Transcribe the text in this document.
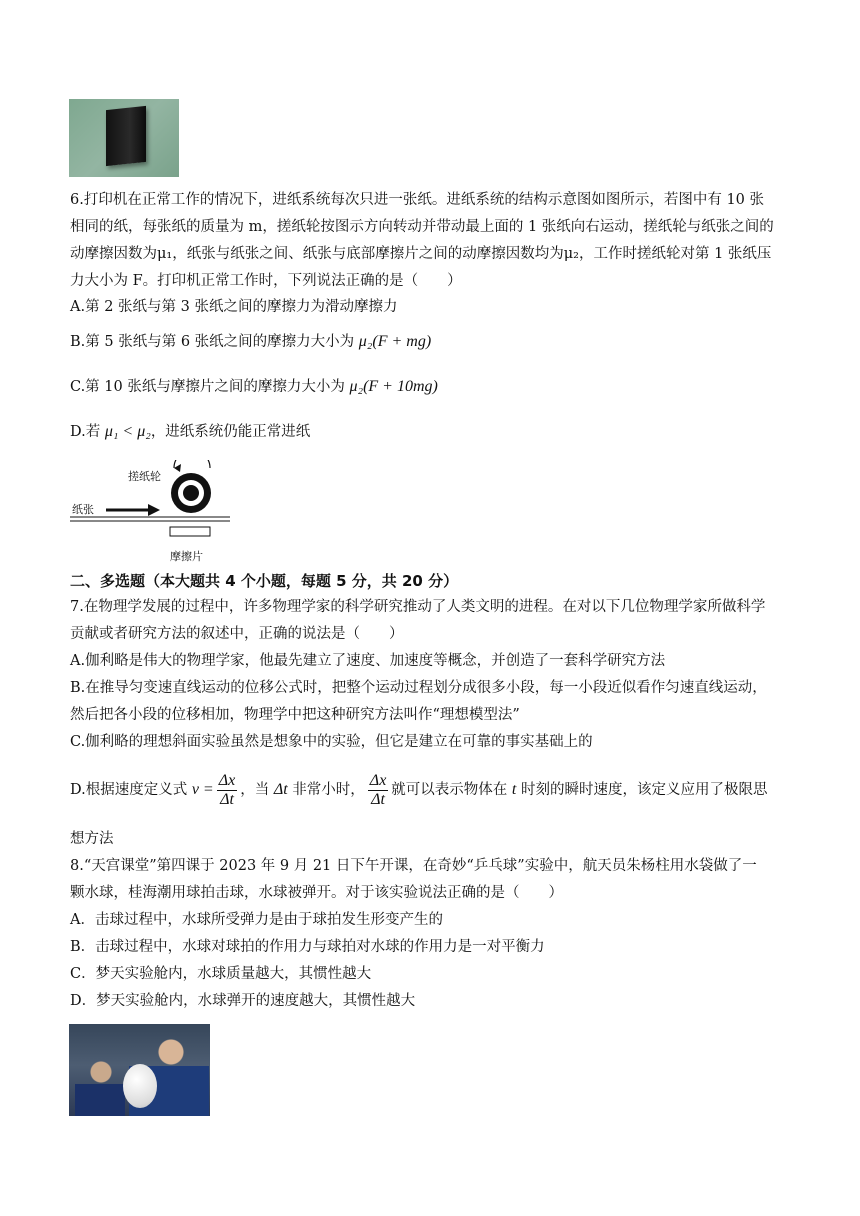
6.打印机在正常工作的情况下，进纸系统每次只进一张纸。进纸系统的结构示意图如图所示，若图中有 10 张
相同的纸，每张纸的质量为 m，搓纸轮按图示方向转动并带动最上面的 1 张纸向右运动，搓纸轮与纸张之间的
动摩擦因数为μ₁，纸张与纸张之间、纸张与底部摩擦片之间的动摩擦因数均为μ₂，工作时搓纸轮对第 1 张纸压
力大小为 F。打印机正常工作时，下列说法正确的是（　　）
A.第 2 张纸与第 3 张纸之间的摩擦力为滑动摩擦力
B.第 5 张纸与第 6 张纸之间的摩擦力大小为 μ₂(F + mg)
C.第 10 张纸与摩擦片之间的摩擦力大小为 μ₂(F + 10mg)
D.若 μ₁ < μ₂，进纸系统仍能正常进纸
搓纸轮
纸张
摩擦片
二、多选题（本大题共 4 个小题，每题 5 分，共 20 分）
7.在物理学发展的过程中，许多物理学家的科学研究推动了人类文明的进程。在对以下几位物理学家所做科学
贡献或者研究方法的叙述中，正确的说法是（　　）
A.伽利略是伟大的物理学家，他最先建立了速度、加速度等概念，并创造了一套科学研究方法
B.在推导匀变速直线运动的位移公式时，把整个运动过程划分成很多小段，每一小段近似看作匀速直线运动，
然后把各小段的位移相加，物理学中把这种研究方法叫作“理想模型法”
C.伽利略的理想斜面实验虽然是想象中的实验，但它是建立在可靠的事实基础上的
D.根据速度定义式 $v = \frac{\Delta x}{\Delta t}$ ，当 Δt 非常小时， $\frac{\Delta x}{\Delta t}$ 就可以表示物体在 t 时刻的瞬时速度，该定义应用了极限思
想方法
8.“天宫课堂”第四课于 2023 年 9 月 21 日下午开课，在奇妙“乒乓球”实验中，航天员朱杨柱用水袋做了一
颗水球，桂海潮用球拍击球，水球被弹开。对于该实验说法正确的是（　　）
A．击球过程中，水球所受弹力是由于球拍发生形变产生的
B．击球过程中，水球对球拍的作用力与球拍对水球的作用力是一对平衡力
C．梦天实验舱内，水球质量越大，其惯性越大
D．梦天实验舱内，水球弹开的速度越大，其惯性越大
